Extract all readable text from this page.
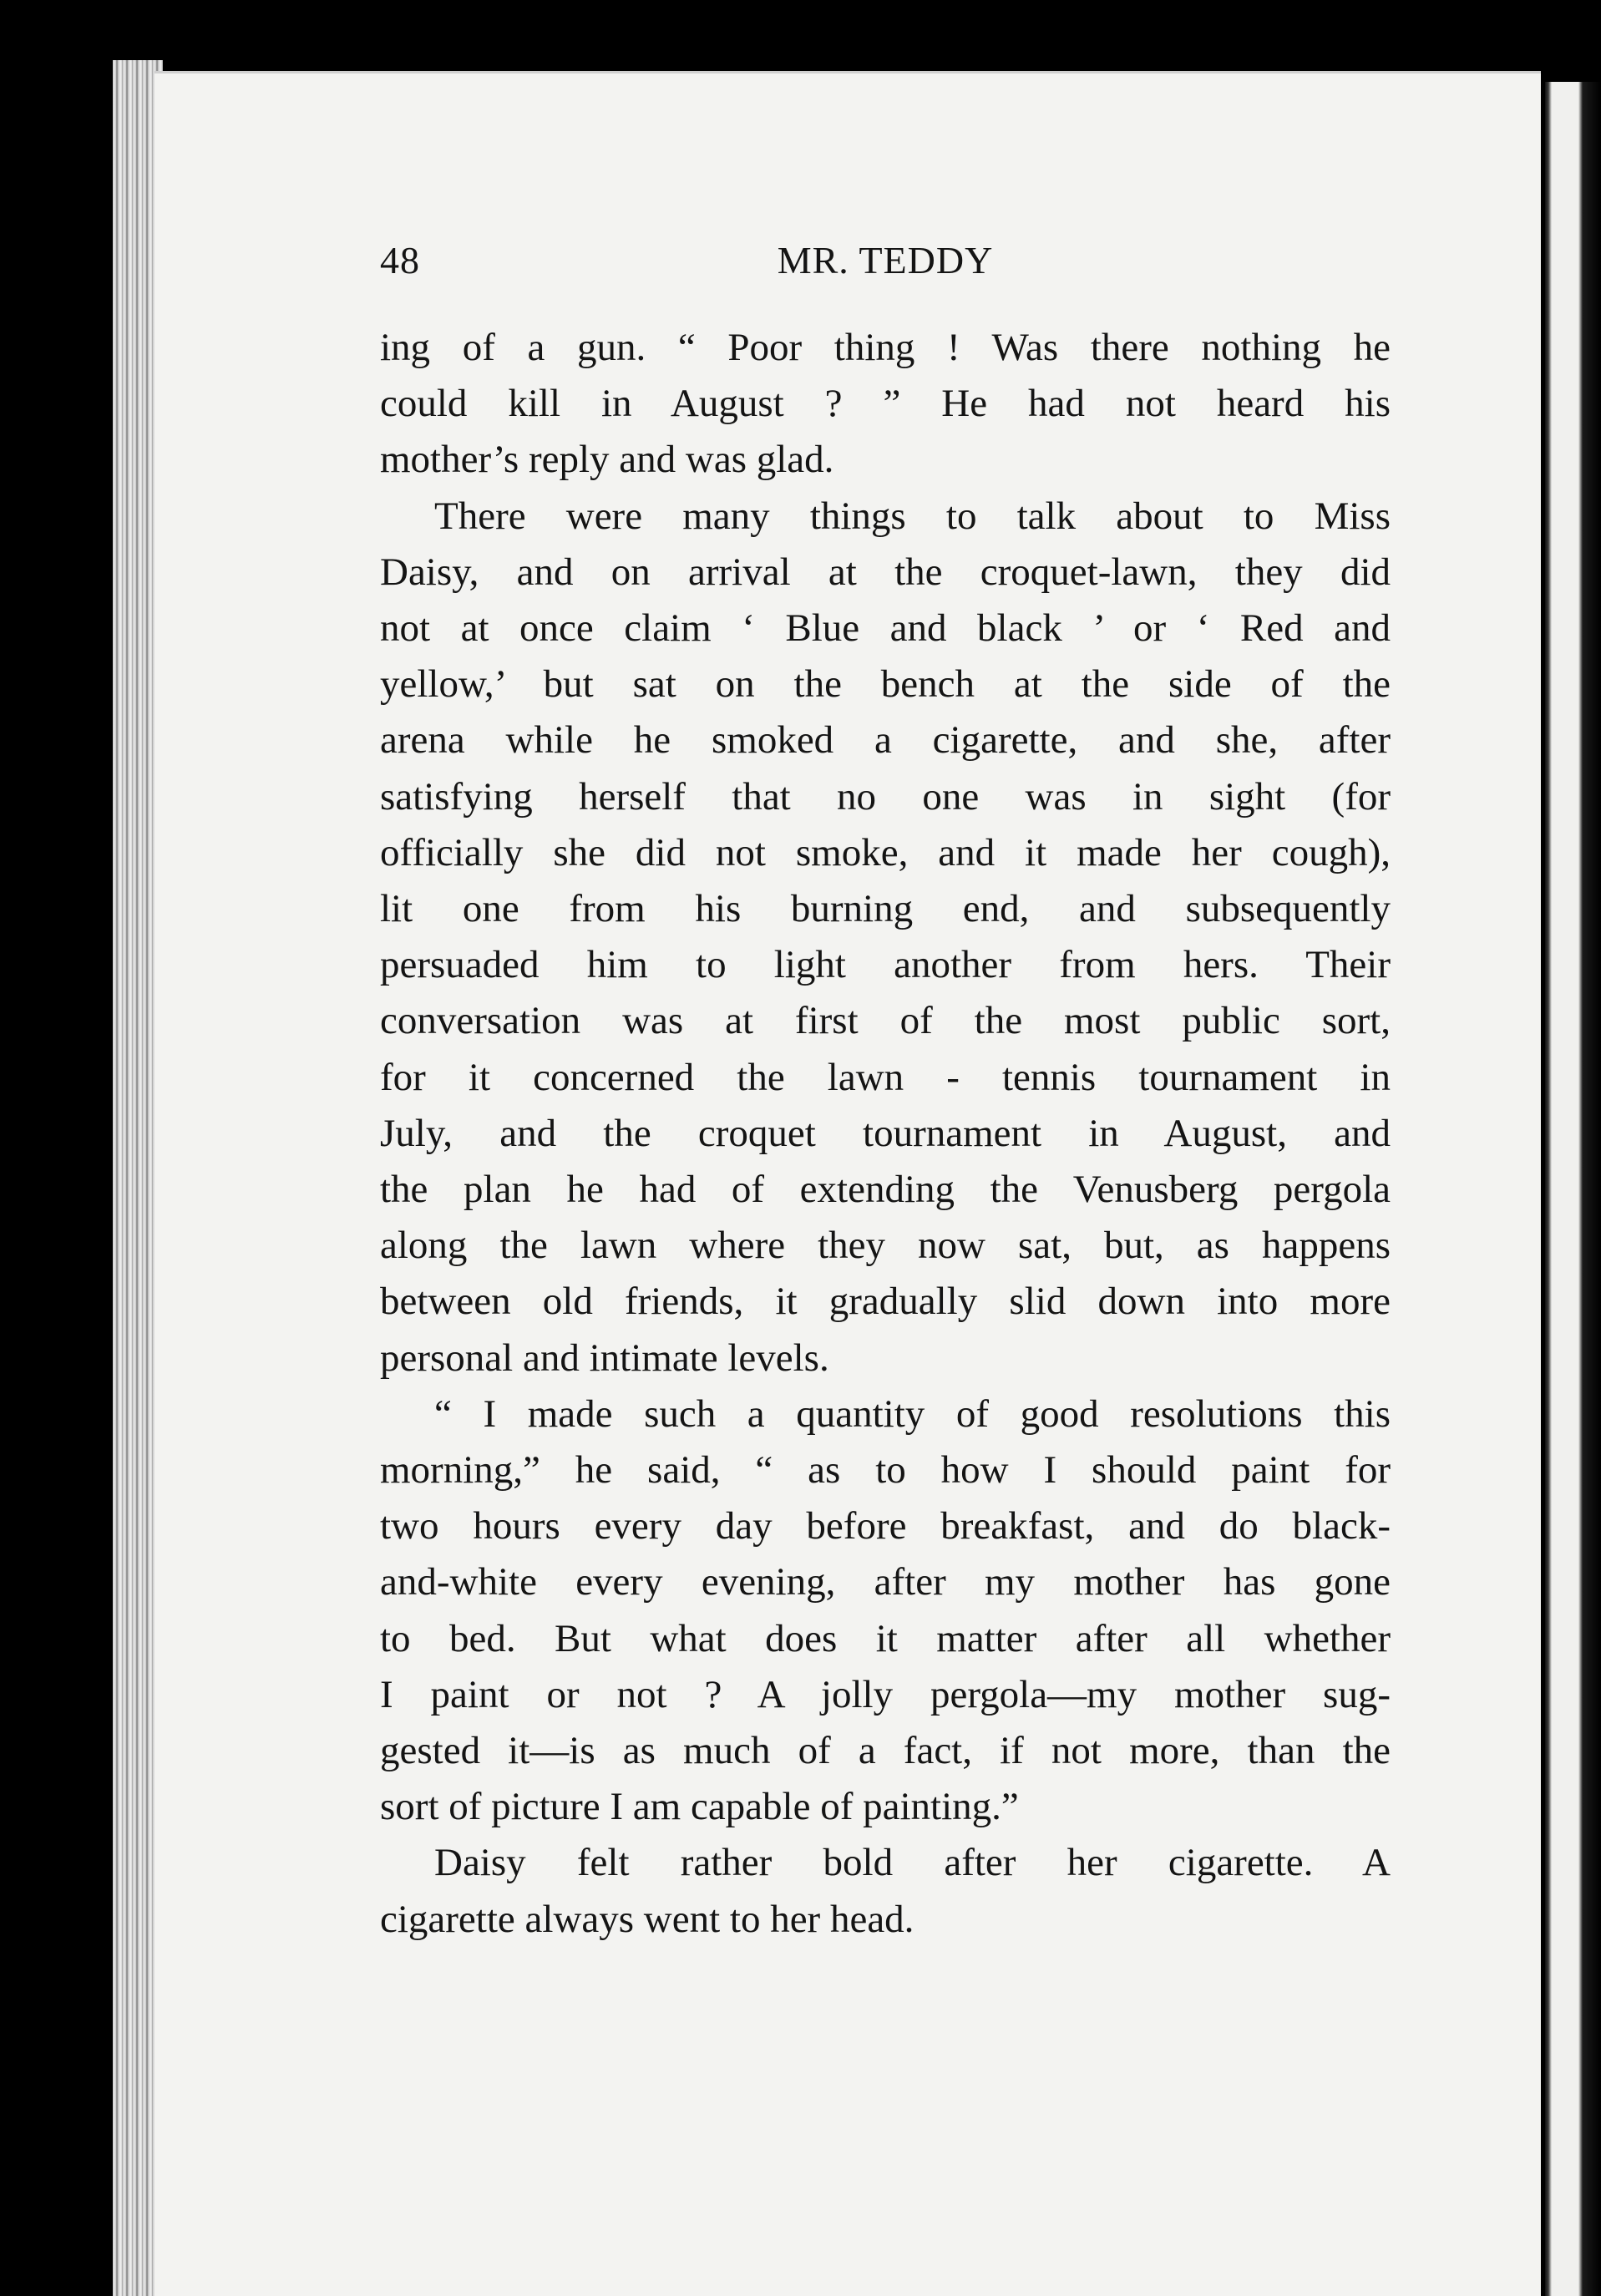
48	MR. TEDDY
ing of a gun. “ Poor thing ! Was there nothing he
could kill in August ? ” He had not heard his
mother’s reply and was glad.
There were many things to talk about to Miss
Daisy, and on arrival at the croquet-lawn, they did
not at once claim ‘ Blue and black ’ or ‘ Red and
yellow,’ but sat on the bench at the side of the
arena while he smoked a cigarette, and she, after
satisfying herself that no one was in sight (for
officially she did not smoke, and it made her cough),
lit one from his burning end, and subsequently
persuaded him to light another from hers. Their
conversation was at first of the most public sort,
for it concerned the lawn - tennis tournament in
July, and the croquet tournament in August, and
the plan he had of extending the Venusberg pergola
along the lawn where they now sat, but, as happens
between old friends, it gradually slid down into more
personal and intimate levels.
“ I made such a quantity of good resolutions this
morning,” he said, “ as to how I should paint for
two hours every day before breakfast, and do black-
and-white every evening, after my mother has gone
to bed. But what does it matter after all whether
I paint or not ? A jolly pergola—my mother sug-
gested it—is as much of a fact, if not more, than the
sort of picture I am capable of painting.”
Daisy felt rather bold after her cigarette. A
cigarette always went to her head.
